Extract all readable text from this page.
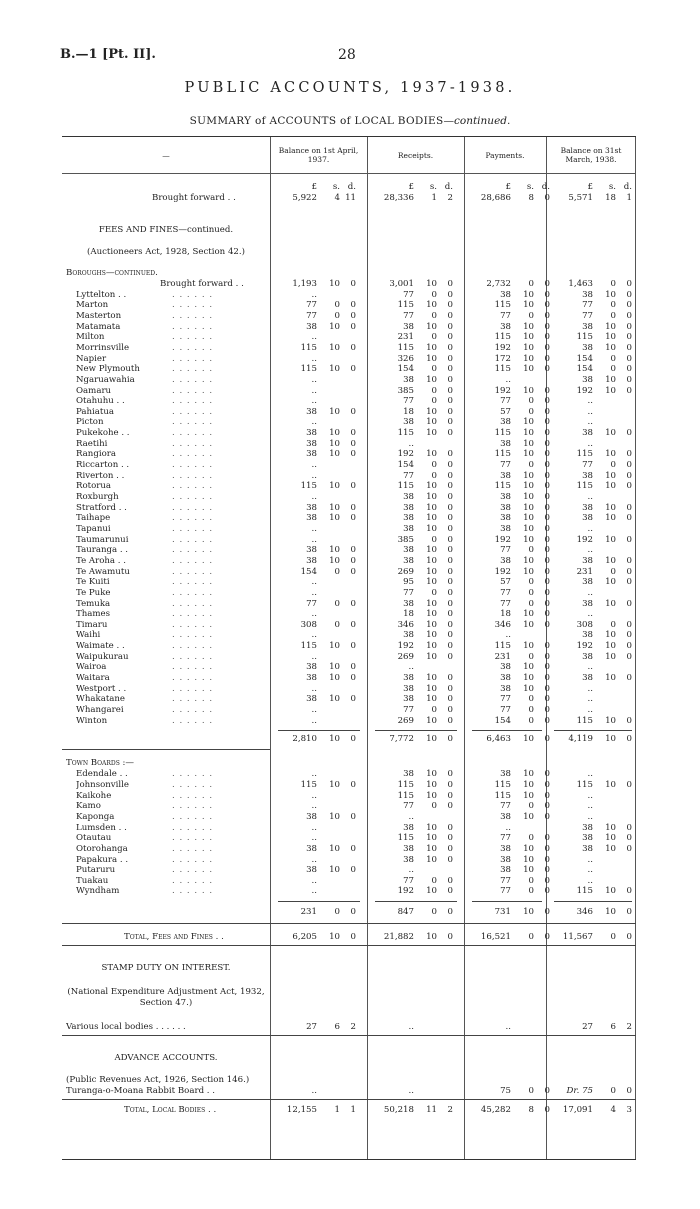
B.—1 [Pt. II].	28
PUBLIC ACCOUNTS, 1937-1938.
SUMMARY of ACCOUNTS of LOCAL BODIES—continued.
—	Balance on 1st April, 1937.	Receipts.	Payments.	Balance on 31st March, 1938.
£	s. d.	£	s. d.	£	s. d.	£	s. d.
Brought forward . .	5,922	4 11	28,336	1	2	28,686	8	0 5,571	18	1
FEES AND FINES—continued.
(Auctioneers Act, 1928, Section 42.)
Boroughs—continued.
Brought forward . .	1,193	10	0	3,001	10	0	2,732	0	0 1,463	0	0
Lyttelton . .	. . . . . .	..	77	0	0	38	10	0	38	10	0
Marton	. . . . . .	77	0	0	115	10	0	115	10	0	77	0	0
Masterton	. . . . . .	77	0	0	77	0	0	77	0	0	77	0	0
Matamata	. . . . . .	38	10	0	38	10	0	38	10	0	38	10	0
Milton	. . . . . .	..	231	0	0	115	10	0	115	10	0
Morrinsville	. . . . . .	115	10	0	115	10	0	192	10	0	38	10	0
Napier	. . . . . .	..	326	10	0	172	10	0	154	0	0
New Plymouth	. . . . . .	115	10	0	154	0	0	115	10	0	154	0	0
Ngaruawahia	. . . . . .	..	38	10	0	..	38	10	0
Oamaru	. . . . . .	..	385	0	0	192	10	0	192	10	0
Otahuhu . .	. . . . . .	..	77	0	0	77	0	0	..
Pahiatua	. . . . . .	38	10	0	18	10	0	57	0	0	..
Picton	. . . . . .	..	38	10	0	38	10	0	..
Pukekohe . .	. . . . . .	38	10	0	115	10	0	115	10	0	38	10	0
Raetihi	. . . . . .	38	10	0	..	38	10	0	..
Rangiora	. . . . . .	38	10	0	192	10	0	115	10	0	115	10	0
Riccarton . .	. . . . . .	..	154	0	0	77	0	0	77	0	0
Riverton . .	. . . . . .	..	77	0	0	38	10	0	38	10	0
Rotorua	. . . . . .	115	10	0	115	10	0	115	10	0	115	10	0
Roxburgh	. . . . . .	..	38	10	0	38	10	0	..
Stratford . .	. . . . . .	38	10	0	38	10	0	38	10	0	38	10	0
Taihape	. . . . . .	38	10	0	38	10	0	38	10	0	38	10	0
Tapanui	. . . . . .	..	38	10	0	38	10	0	..
Taumarunui	. . . . . .	..	385	0	0	192	10	0	192	10	0
Tauranga . .	. . . . . .	38	10	0	38	10	0	77	0	0	..
Te Aroha . .	. . . . . .	38	10	0	38	10	0	38	10	0	38	10	0
Te Awamutu	. . . . . .	154	0	0	269	10	0	192	10	0	231	0	0
Te Kuiti	. . . . . .	..	95	10	0	57	0	0	38	10	0
Te Puke	. . . . . .	..	77	0	0	77	0	0	..
Temuka	. . . . . .	77	0	0	38	10	0	77	0	0	38	10	0
Thames	. . . . . .	..	18	10	0	18	10	0	..
Timaru	. . . . . .	308	0	0	346	10	0	346	10	0	308	0	0
Waihi	. . . . . .	..	38	10	0	..	38	10	0
Waimate . .	. . . . . .	115	10	0	192	10	0	115	10	0	192	10	0
Waipukurau	. . . . . .	..	269	10	0	231	0	0	38	10	0
Wairoa	. . . . . .	38	10	0	..	38	10	0	..
Waitara	. . . . . .	38	10	0	38	10	0	38	10	0	38	10	0
Westport . .	. . . . . .	..	38	10	0	38	10	0	..
Whakatane	. . . . . .	38	10	0	38	10	0	77	0	0	..
Whangarei	. . . . . .	..	77	0	0	77	0	0	..
Winton	. . . . . .	..	269	10	0	154	0	0	115	10	0
2,810	10	0	7,772	10	0	6,463	10	0 4,119	10	0
Town Boards :—
Edendale . .	. . . . . .	..	38	10	0	38	10	0	..
Johnsonville	. . . . . .	115	10	0	115	10	0	115	10	0	115	10	0
Kaikohe	. . . . . .	..	115	10	0	115	10	0	..
Kamo	. . . . . .	..	77	0	0	77	0	0	..
Kaponga	. . . . . .	38	10	0	..	38	10	0	..
Lumsden . .	. . . . . .	..	38	10	0	..	38	10	0
Otautau	. . . . . .	..	115	10	0	77	0	0	38	10	0
Otorohanga	. . . . . .	38	10	0	38	10	0	38	10	0	38	10	0
Papakura . .	. . . . . .	..	38	10	0	38	10	0	..
Putaruru	. . . . . .	38	10	0	..	38	10	0	..
Tuakau	. . . . . .	..	77	0	0	77	0	0	..
Wyndham	. . . . . .	..	192	10	0	77	0	0	115	10	0
231	0	0	847	0	0	731	10	0	346	10	0
Total, Fees and Fines . .	6,205	10	0	21,882	10	0	16,521	0	0 11,567	0	0
STAMP DUTY ON INTEREST.
(National Expenditure Adjustment Act, 1932, Section 47.)
Various local bodies . . . . . .	27	6	2	..	..	27	6	2
ADVANCE ACCOUNTS.
(Public Revenues Act, 1926, Section 146.)
Turanga-o-Moana Rabbit Board . .	..	..	75	0	0 Dr. 75	0	0
Total, Local Bodies . .	12,155	1	1	50,218	11	2	45,282	8	0 17,091	4	3
